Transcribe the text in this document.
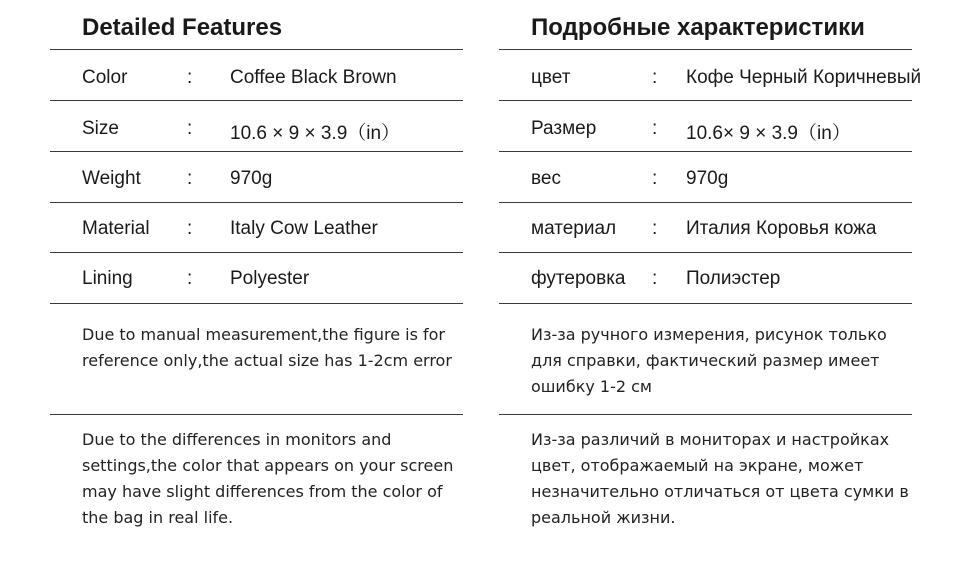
Detailed Features
Color	: Coffee Black Brown
Size	: 10.6 × 9 × 3.9（in）
Weight : 970g
Material : Italy Cow Leather
Lining	: Polyester
Due to manual measurement,the figure is for reference only,the actual size has 1-2cm error
Due to the differences in monitors and settings,the color that appears on your screen may have slight differences from the color of the bag in real life.
Подробные характеристики
цвет	: Кофе Черный Коричневый
Размер	: 10.6× 9 × 3.9（in）
вес	: 970g
материал : Италия Коровья кожа
футеровка : Полиэстер
Из-за ручного измерения, рисунок только для справки, фактический размер имеет ошибку 1-2 см
Из-за различий в мониторах и настройках цвет, отображаемый на экране, может незначительно отличаться от цвета сумки в реальной жизни.
